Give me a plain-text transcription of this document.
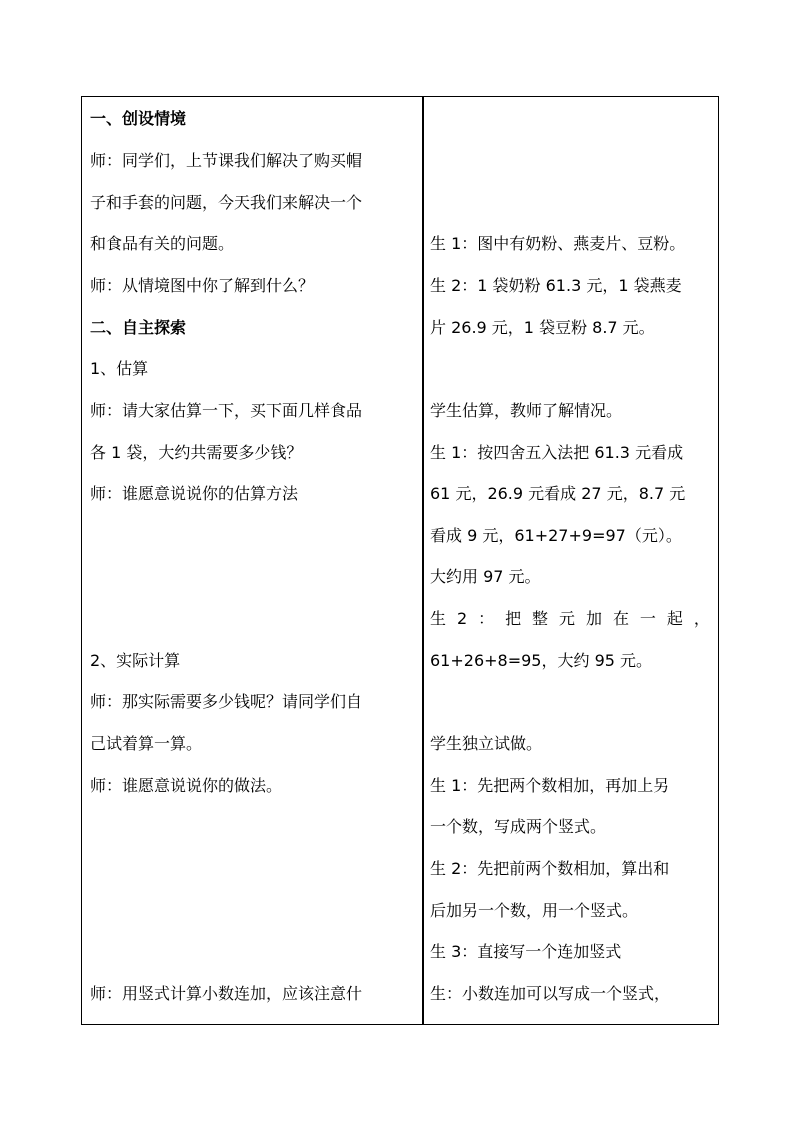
一、创设情境
师：同学们，上节课我们解决了购买帽
子和手套的问题，今天我们来解决一个
和食品有关的问题。
师：从情境图中你了解到什么？
二、自主探索
1、估算
师：请大家估算一下，买下面几样食品
各 1 袋，大约共需要多少钱？
师：谁愿意说说你的估算方法
2、实际计算
师：那实际需要多少钱呢？请同学们自
己试着算一算。
师：谁愿意说说你的做法。
师：用竖式计算小数连加，应该注意什
生 1：图中有奶粉、燕麦片、豆粉。
生 2：1 袋奶粉 61.3 元，1 袋燕麦
片 26.9 元，1 袋豆粉 8.7 元。
学生估算，教师了解情况。
生 1：按四舍五入法把 61.3 元看成
61 元，26.9 元看成 27 元，8.7 元
看成 9 元，61+27+9=97（元）。
大约用 97 元。
生 2 ： 把 整 元 加 在 一 起 ，
61+26+8=95，大约 95 元。
学生独立试做。
生 1：先把两个数相加，再加上另
一个数，写成两个竖式。
生 2：先把前两个数相加，算出和
后加另一个数，用一个竖式。
生 3：直接写一个连加竖式
生：小数连加可以写成一个竖式，
